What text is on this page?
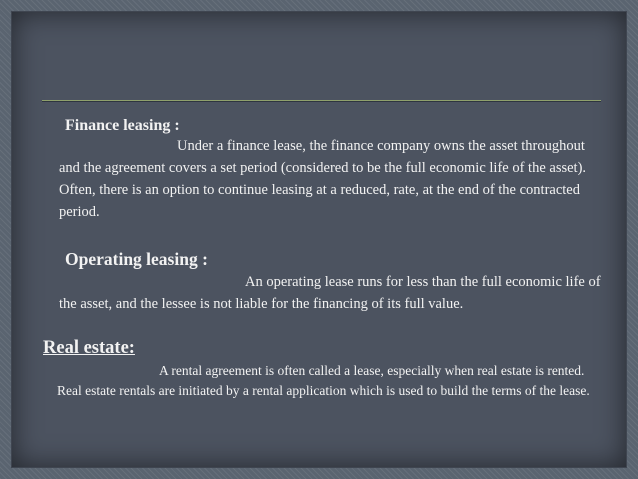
Finance leasing :
Under a finance lease, the finance company owns the asset throughout and the agreement covers a set period (considered to be the full economic life of the asset). Often, there is an option to continue leasing at a reduced, rate, at the end of the contracted period.
Operating leasing :
An operating lease runs for less than the full economic life of the asset, and the lessee is not liable for the financing of its full value.
Real estate:
A rental agreement is often called a lease, especially when real estate is rented. Real estate rentals are initiated by a rental application which is used to build the terms of the lease.
